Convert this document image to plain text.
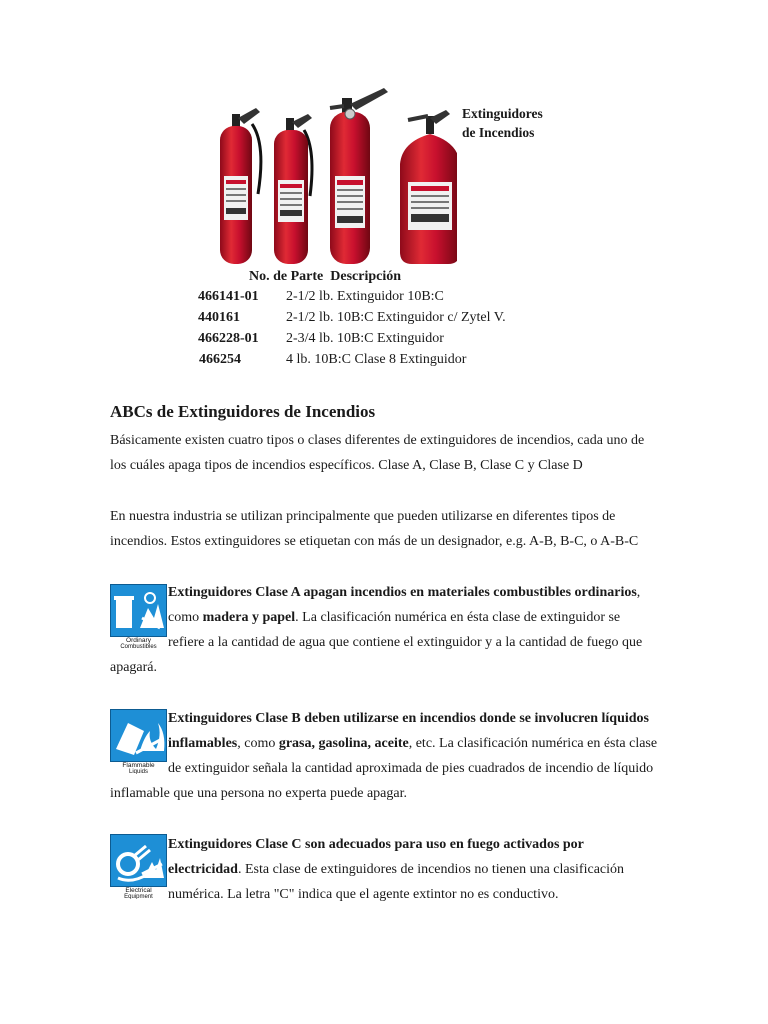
Extinguidores
de Incendios
No. de Parte  Descripción
466141-01 2-1/2 lb. Extinguidor 10B:C
440161	2-1/2 lb. 10B:C Extinguidor c/ Zytel V.
466228-01 2-3/4 lb. 10B:C Extinguidor
466254	4 lb. 10B:C Clase 8 Extinguidor
ABCs de Extinguidores de Incendios
Básicamente existen cuatro tipos o clases diferentes de extinguidores de incendios, cada uno de los cuáles apaga tipos de incendios específicos. Clase A, Clase B, Clase C y Clase D
En nuestra industria se utilizan principalmente que pueden utilizarse en diferentes tipos de incendios. Estos extinguidores se etiquetan con más de un designador, e.g. A-B, B-C, o A-B-C
Ordinary
Combustibles
Extinguidores Clase A apagan incendios en materiales combustibles ordinarios, como madera y papel. La clasificación numérica en ésta clase de extinguidor se refiere a la cantidad de agua que contiene el extinguidor y a la cantidad de fuego que apagará.
Flammable
Liquids
Extinguidores Clase B deben utilizarse en incendios donde se involucren líquidos inflamables, como grasa, gasolina, aceite, etc. La clasificación numérica en ésta clase de extinguidor señala la cantidad aproximada de pies cuadrados de incendio de líquido inflamable que una persona no experta puede apagar.
Electrical
Equipment
Extinguidores Clase C son adecuados para uso en fuego activados por electricidad. Esta clase de extinguidores de incendios no tienen una clasificación numérica. La letra "C" indica que el agente extintor no es conductivo.
